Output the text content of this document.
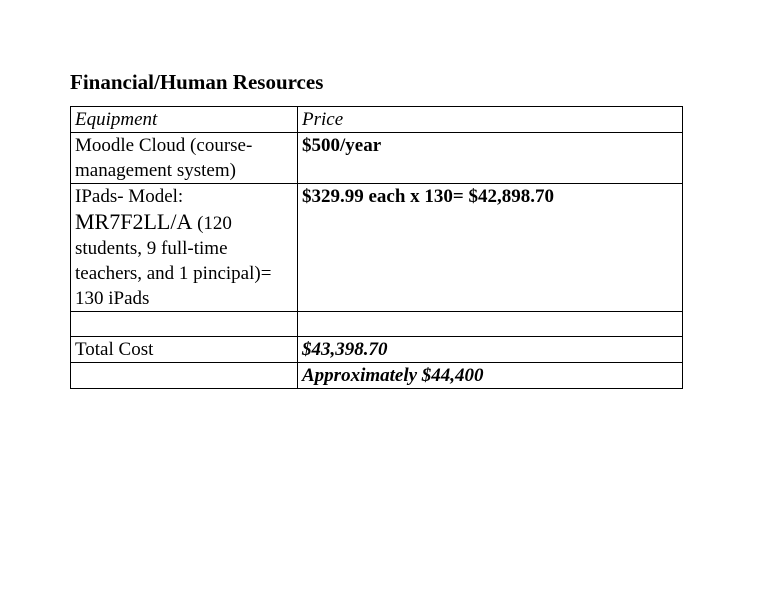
Financial/Human Resources
Equipment	Price
Moodle Cloud (course-management system)	$500/year
IPads- Model:
MR7F2LL/A (120 students, 9 full-time teachers, and 1 pincipal)= 130 iPads	$329.99 each x 130= $42,898.70

Total Cost	$43,398.70
	Approximately $44,400
